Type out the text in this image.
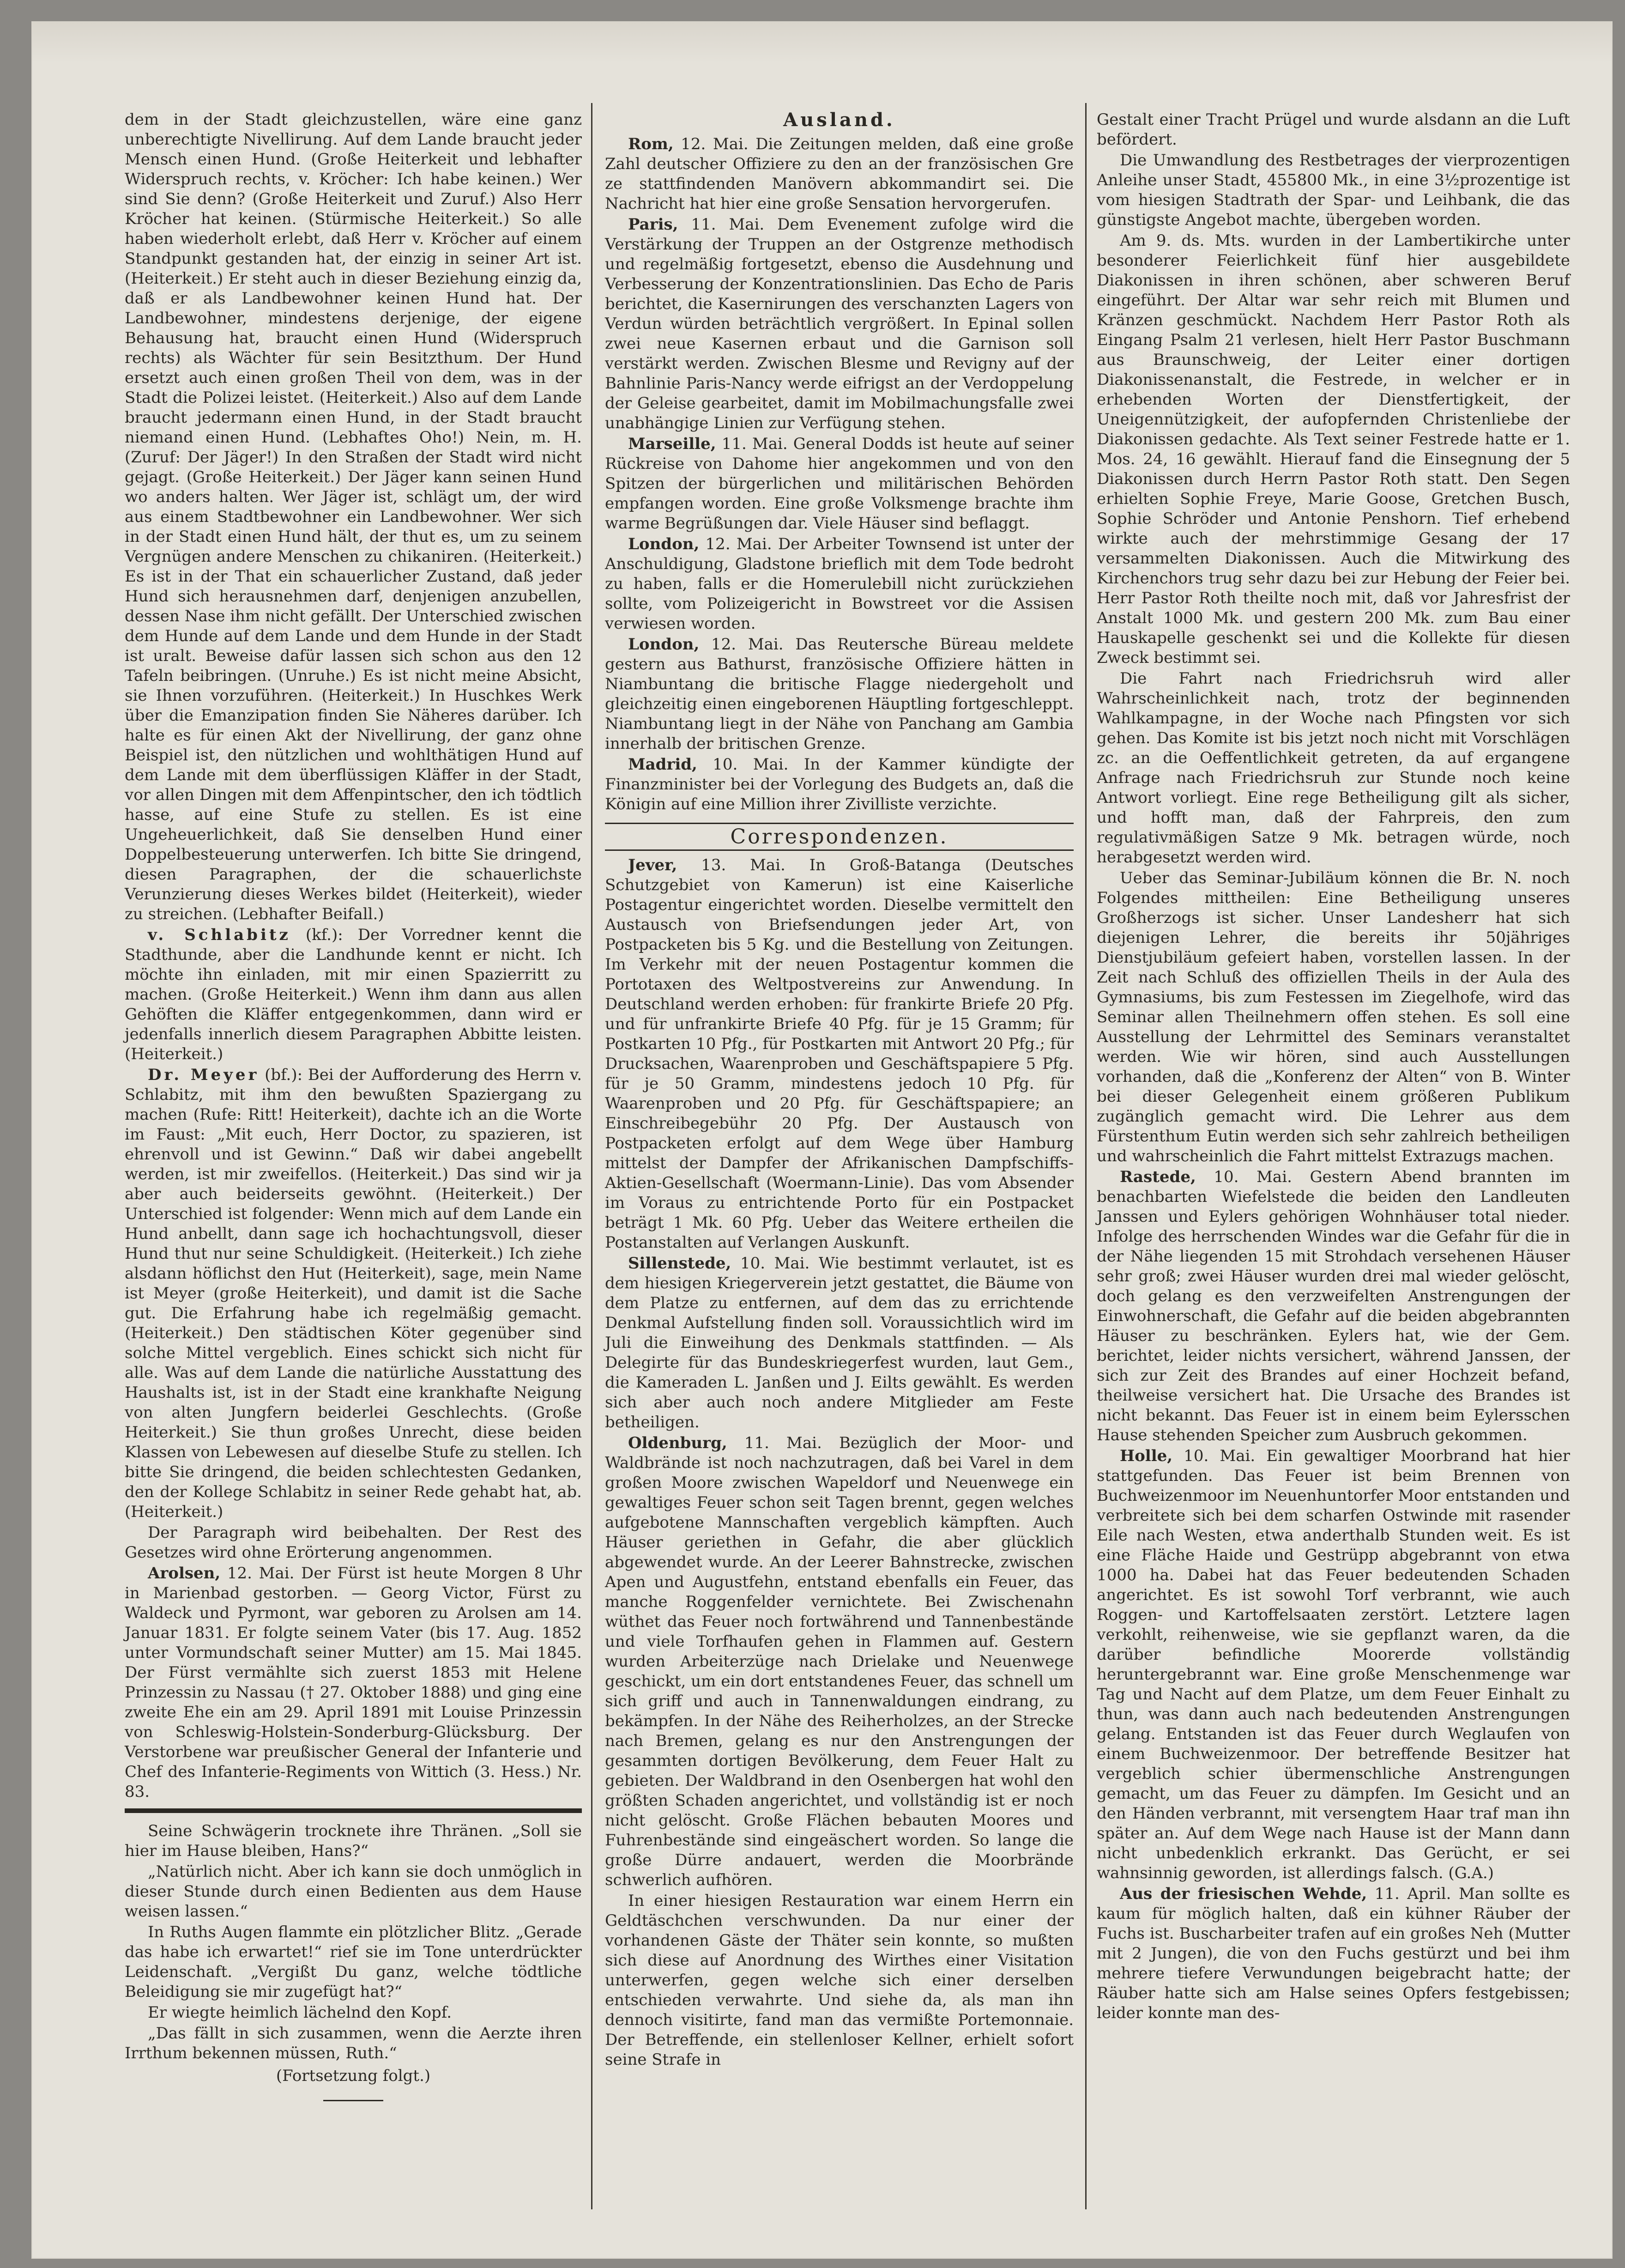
dem in der Stadt gleichzustellen, wäre eine ganz unberechtigte Nivellirung. Auf dem Lande braucht jeder Mensch einen Hund. (Große Heiterkeit und lebhafter Widerspruch rechts, v. Kröcher: Ich habe keinen.) Wer sind Sie denn? (Große Heiterkeit und Zuruf.) Also Herr Kröcher hat keinen. (Stürmische Heiterkeit.) So alle haben wiederholt erlebt, daß Herr v. Kröcher auf einem Standpunkt gestanden hat, der einzig in seiner Art ist. (Heiterkeit.) Er steht auch in dieser Beziehung einzig da, daß er als Landbewohner keinen Hund hat. Der Landbewohner, mindestens derjenige, der eigene Behausung hat, braucht einen Hund (Widerspruch rechts) als Wächter für sein Besitzthum. Der Hund ersetzt auch einen großen Theil von dem, was in der Stadt die Polizei leistet. (Heiterkeit.) Also auf dem Lande braucht jedermann einen Hund, in der Stadt braucht niemand einen Hund. (Lebhaftes Oho!) Nein, m. H. (Zuruf: Der Jäger!) In den Straßen der Stadt wird nicht gejagt. (Große Heiterkeit.) Der Jäger kann seinen Hund wo anders halten. Wer Jäger ist, schlägt um, der wird aus einem Stadtbewohner ein Landbewohner. Wer sich in der Stadt einen Hund hält, der thut es, um zu seinem Vergnügen andere Menschen zu chikaniren. (Heiterkeit.) Es ist in der That ein schauerlicher Zustand, daß jeder Hund sich herausnehmen darf, denjenigen anzubellen, dessen Nase ihm nicht gefällt. Der Unterschied zwischen dem Hunde auf dem Lande und dem Hunde in der Stadt ist uralt. Beweise dafür lassen sich schon aus den 12 Tafeln beibringen. (Unruhe.) Es ist nicht meine Absicht, sie Ihnen vorzuführen. (Heiterkeit.) In Huschkes Werk über die Emanzipation finden Sie Näheres darüber. Ich halte es für einen Akt der Nivellirung, der ganz ohne Beispiel ist, den nützlichen und wohlthätigen Hund auf dem Lande mit dem überflüssigen Kläffer in der Stadt, vor allen Dingen mit dem Affenpintscher, den ich tödtlich hasse, auf eine Stufe zu stellen. Es ist eine Ungeheuerlichkeit, daß Sie denselben Hund einer Doppelbesteuerung unterwerfen. Ich bitte Sie dringend, diesen Paragraphen, der die schauerlichste Verunzierung dieses Werkes bildet (Heiterkeit), wieder zu streichen. (Lebhafter Beifall.)

v. Schlabitz (kf.): Der Vorredner kennt die Stadthunde, aber die Landhunde kennt er nicht. Ich möchte ihn einladen, mit mir einen Spazierritt zu machen. (Große Heiterkeit.) Wenn ihm dann aus allen Gehöften die Kläffer entgegenkommen, dann wird er jedenfalls innerlich diesem Paragraphen Abbitte leisten. (Heiterkeit.)

Dr. Meyer (bf.): Bei der Aufforderung des Herrn v. Schlabitz, mit ihm den bewußten Spaziergang zu machen (Rufe: Ritt! Heiterkeit), dachte ich an die Worte im Faust: „Mit euch, Herr Doctor, zu spazieren, ist ehrenvoll und ist Gewinn.“ Daß wir dabei angebellt werden, ist mir zweifellos. (Heiterkeit.) Das sind wir ja aber auch beiderseits gewöhnt. (Heiterkeit.) Der Unterschied ist folgender: Wenn mich auf dem Lande ein Hund anbellt, dann sage ich hochachtungsvoll, dieser Hund thut nur seine Schuldigkeit. (Heiterkeit.) Ich ziehe alsdann höflichst den Hut (Heiterkeit), sage, mein Name ist Meyer (große Heiterkeit), und damit ist die Sache gut. Die Erfahrung habe ich regelmäßig gemacht. (Heiterkeit.) Den städtischen Köter gegenüber sind solche Mittel vergeblich. Eines schickt sich nicht für alle. Was auf dem Lande die natürliche Ausstattung des Haushalts ist, ist in der Stadt eine krankhafte Neigung von alten Jungfern beiderlei Geschlechts. (Große Heiterkeit.) Sie thun großes Unrecht, diese beiden Klassen von Lebewesen auf dieselbe Stufe zu stellen. Ich bitte Sie dringend, die beiden schlechtesten Gedanken, den der Kollege Schlabitz in seiner Rede gehabt hat, ab. (Heiterkeit.)

Der Paragraph wird beibehalten. Der Rest des Gesetzes wird ohne Erörterung angenommen.

Arolsen, 12. Mai. Der Fürst ist heute Morgen 8 Uhr in Marienbad gestorben. — Georg Victor, Fürst zu Waldeck und Pyrmont, war geboren zu Arolsen am 14. Januar 1831. Er folgte seinem Vater (bis 17. Aug. 1852 unter Vormundschaft seiner Mutter) am 15. Mai 1845. Der Fürst vermählte sich zuerst 1853 mit Helene Prinzessin zu Nassau († 27. Oktober 1888) und ging eine zweite Ehe ein am 29. April 1891 mit Louise Prinzessin von Schleswig-Holstein-Sonderburg-Glücksburg. Der Verstorbene war preußischer General der Infanterie und Chef des Infanterie-Regiments von Wittich (3. Hess.) Nr. 83.

Seine Schwägerin trocknete ihre Thränen. „Soll sie hier im Hause bleiben, Hans?“

„Natürlich nicht. Aber ich kann sie doch unmöglich in dieser Stunde durch einen Bedienten aus dem Hause weisen lassen.“

In Ruths Augen flammte ein plötzlicher Blitz. „Gerade das habe ich erwartet!“ rief sie im Tone unterdrückter Leidenschaft. „Vergißt Du ganz, welche tödtliche Beleidigung sie mir zugefügt hat?“

Er wiegte heimlich lächelnd den Kopf.

„Das fällt in sich zusammen, wenn die Aerzte ihren Irrthum bekennen müssen, Ruth.“

(Fortsetzung folgt.)
Ausland.

Rom, 12. Mai. Die Zeitungen melden, daß eine große Zahl deutscher Offiziere zu den an der französischen Gre ze stattfindenden Manövern abkommandirt sei. Die Nachricht hat hier eine große Sensation hervorgerufen.

Paris, 11. Mai. Dem Evenement zufolge wird die Verstärkung der Truppen an der Ostgrenze methodisch und regelmäßig fortgesetzt, ebenso die Ausdehnung und Verbesserung der Konzentrationslinien. Das Echo de Paris berichtet, die Kasernirungen des verschanzten Lagers von Verdun würden beträchtlich vergrößert. In Epinal sollen zwei neue Kasernen erbaut und die Garnison soll verstärkt werden. Zwischen Blesme und Revigny auf der Bahnlinie Paris-Nancy werde eifrigst an der Verdoppelung der Geleise gearbeitet, damit im Mobilmachungsfalle zwei unabhängige Linien zur Verfügung stehen.

Marseille, 11. Mai. General Dodds ist heute auf seiner Rückreise von Dahome hier angekommen und von den Spitzen der bürgerlichen und militärischen Behörden empfangen worden. Eine große Volksmenge brachte ihm warme Begrüßungen dar. Viele Häuser sind beflaggt.

London, 12. Mai. Der Arbeiter Townsend ist unter der Anschuldigung, Gladstone brieflich mit dem Tode bedroht zu haben, falls er die Homerulebill nicht zurückziehen sollte, vom Polizeigericht in Bowstreet vor die Assisen verwiesen worden.

London, 12. Mai. Das Reutersche Büreau meldete gestern aus Bathurst, französische Offiziere hätten in Niambuntang die britische Flagge niedergeholt und gleichzeitig einen eingeborenen Häuptling fortgeschleppt. Niambuntang liegt in der Nähe von Panchang am Gambia innerhalb der britischen Grenze.

Madrid, 10. Mai. In der Kammer kündigte der Finanzminister bei der Vorlegung des Budgets an, daß die Königin auf eine Million ihrer Zivilliste verzichte.

Correspondenzen.

Jever, 13. Mai. In Groß-Batanga (Deutsches Schutzgebiet von Kamerun) ist eine Kaiserliche Postagentur eingerichtet worden. Dieselbe vermittelt den Austausch von Briefsendungen jeder Art, von Postpacketen bis 5 Kg. und die Bestellung von Zeitungen. Im Verkehr mit der neuen Postagentur kommen die Portotaxen des Weltpostvereins zur Anwendung. In Deutschland werden erhoben: für frankirte Briefe 20 Pfg. und für unfrankirte Briefe 40 Pfg. für je 15 Gramm; für Postkarten 10 Pfg., für Postkarten mit Antwort 20 Pfg.; für Drucksachen, Waarenproben und Geschäftspapiere 5 Pfg. für je 50 Gramm, mindestens jedoch 10 Pfg. für Waarenproben und 20 Pfg. für Geschäftspapiere; an Einschreibegebühr 20 Pfg. Der Austausch von Postpacketen erfolgt auf dem Wege über Hamburg mittelst der Dampfer der Afrikanischen Dampfschiffs-Aktien-Gesellschaft (Woermann-Linie). Das vom Absender im Voraus zu entrichtende Porto für ein Postpacket beträgt 1 Mk. 60 Pfg. Ueber das Weitere ertheilen die Postanstalten auf Verlangen Auskunft.

Sillenstede, 10. Mai. Wie bestimmt verlautet, ist es dem hiesigen Kriegerverein jetzt gestattet, die Bäume von dem Platze zu entfernen, auf dem das zu errichtende Denkmal Aufstellung finden soll. Voraussichtlich wird im Juli die Einweihung des Denkmals stattfinden. — Als Delegirte für das Bundeskriegerfest wurden, laut Gem., die Kameraden L. Janßen und J. Eilts gewählt. Es werden sich aber auch noch andere Mitglieder am Feste betheiligen.

Oldenburg, 11. Mai. Bezüglich der Moor- und Waldbrände ist noch nachzutragen, daß bei Varel in dem großen Moore zwischen Wapeldorf und Neuenwege ein gewaltiges Feuer schon seit Tagen brennt, gegen welches aufgebotene Mannschaften vergeblich kämpften. Auch Häuser geriethen in Gefahr, die aber glücklich abgewendet wurde. An der Leerer Bahnstrecke, zwischen Apen und Augustfehn, entstand ebenfalls ein Feuer, das manche Roggenfelder vernichtete. Bei Zwischenahn wüthet das Feuer noch fortwährend und Tannenbestände und viele Torfhaufen gehen in Flammen auf. Gestern wurden Arbeiterzüge nach Drielake und Neuenwege geschickt, um ein dort entstandenes Feuer, das schnell um sich griff und auch in Tannenwaldungen eindrang, zu bekämpfen. In der Nähe des Reiherholzes, an der Strecke nach Bremen, gelang es nur den Anstrengungen der gesammten dortigen Bevölkerung, dem Feuer Halt zu gebieten. Der Waldbrand in den Osenbergen hat wohl den größten Schaden angerichtet, und vollständig ist er noch nicht gelöscht. Große Flächen bebauten Moores und Fuhrenbestände sind eingeäschert worden. So lange die große Dürre andauert, werden die Moorbrände schwerlich aufhören.

In einer hiesigen Restauration war einem Herrn ein Geldtäschchen verschwunden. Da nur einer der vorhandenen Gäste der Thäter sein konnte, so mußten sich diese auf Anordnung des Wirthes einer Visitation unterwerfen, gegen welche sich einer derselben entschieden verwahrte. Und siehe da, als man ihn dennoch visitirte, fand man das vermißte Portemonnaie. Der Betreffende, ein stellenloser Kellner, erhielt sofort seine Strafe in

Gestalt einer Tracht Prügel und wurde alsdann an die Luft befördert.

Die Umwandlung des Restbetrages der vierprozentigen Anleihe unser Stadt, 455800 Mk., in eine 3½prozentige ist vom hiesigen Stadtrath der Spar- und Leihbank, die das günstigste Angebot machte, übergeben worden.

Am 9. ds. Mts. wurden in der Lambertikirche unter besonderer Feierlichkeit fünf hier ausgebildete Diakonissen in ihren schönen, aber schweren Beruf eingeführt. Der Altar war sehr reich mit Blumen und Kränzen geschmückt. Nachdem Herr Pastor Roth als Eingang Psalm 21 verlesen, hielt Herr Pastor Buschmann aus Braunschweig, der Leiter einer dortigen Diakonissenanstalt, die Festrede, in welcher er in erhebenden Worten der Dienstfertigkeit, der Uneigennützigkeit, der aufopfernden Christenliebe der Diakonissen gedachte. Als Text seiner Festrede hatte er 1. Mos. 24, 16 gewählt. Hierauf fand die Einsegnung der 5 Diakonissen durch Herrn Pastor Roth statt. Den Segen erhielten Sophie Freye, Marie Goose, Gretchen Busch, Sophie Schröder und Antonie Penshorn. Tief erhebend wirkte auch der mehrstimmige Gesang der 17 versammelten Diakonissen. Auch die Mitwirkung des Kirchenchors trug sehr dazu bei zur Hebung der Feier bei. Herr Pastor Roth theilte noch mit, daß vor Jahresfrist der Anstalt 1000 Mk. und gestern 200 Mk. zum Bau einer Hauskapelle geschenkt sei und die Kollekte für diesen Zweck bestimmt sei.

Die Fahrt nach Friedrichsruh wird aller Wahrscheinlichkeit nach, trotz der beginnenden Wahlkampagne, in der Woche nach Pfingsten vor sich gehen. Das Komite ist bis jetzt noch nicht mit Vorschlägen zc. an die Oeffentlichkeit getreten, da auf ergangene Anfrage nach Friedrichsruh zur Stunde noch keine Antwort vorliegt. Eine rege Betheiligung gilt als sicher, und hofft man, daß der Fahrpreis, den zum regulativmäßigen Satze 9 Mk. betragen würde, noch herabgesetzt werden wird.

Ueber das Seminar-Jubiläum können die Br. N. noch Folgendes mittheilen: Eine Betheiligung unseres Großherzogs ist sicher. Unser Landesherr hat sich diejenigen Lehrer, die bereits ihr 50jähriges Dienstjubiläum gefeiert haben, vorstellen lassen. In der Zeit nach Schluß des offiziellen Theils in der Aula des Gymnasiums, bis zum Festessen im Ziegelhofe, wird das Seminar allen Theilnehmern offen stehen. Es soll eine Ausstellung der Lehrmittel des Seminars veranstaltet werden. Wie wir hören, sind auch Ausstellungen vorhanden, daß die „Konferenz der Alten“ von B. Winter bei dieser Gelegenheit einem größeren Publikum zugänglich gemacht wird. Die Lehrer aus dem Fürstenthum Eutin werden sich sehr zahlreich betheiligen und wahrscheinlich die Fahrt mittelst Extrazugs machen.

Rastede, 10. Mai. Gestern Abend brannten im benachbarten Wiefelstede die beiden den Landleuten Janssen und Eylers gehörigen Wohnhäuser total nieder. Infolge des herrschenden Windes war die Gefahr für die in der Nähe liegenden 15 mit Strohdach versehenen Häuser sehr groß; zwei Häuser wurden drei mal wieder gelöscht, doch gelang es den verzweifelten Anstrengungen der Einwohnerschaft, die Gefahr auf die beiden abgebrannten Häuser zu beschränken. Eylers hat, wie der Gem. berichtet, leider nichts versichert, während Janssen, der sich zur Zeit des Brandes auf einer Hochzeit befand, theilweise versichert hat. Die Ursache des Brandes ist nicht bekannt. Das Feuer ist in einem beim Eylersschen Hause stehenden Speicher zum Ausbruch gekommen.

Holle, 10. Mai. Ein gewaltiger Moorbrand hat hier stattgefunden. Das Feuer ist beim Brennen von Buchweizenmoor im Neuenhuntorfer Moor entstanden und verbreitete sich bei dem scharfen Ostwinde mit rasender Eile nach Westen, etwa anderthalb Stunden weit. Es ist eine Fläche Haide und Gestrüpp abgebrannt von etwa 1000 ha. Dabei hat das Feuer bedeutenden Schaden angerichtet. Es ist sowohl Torf verbrannt, wie auch Roggen- und Kartoffelsaaten zerstört. Letztere lagen verkohlt, reihenweise, wie sie gepflanzt waren, da die darüber befindliche Moorerde vollständig heruntergebrannt war. Eine große Menschenmenge war Tag und Nacht auf dem Platze, um dem Feuer Einhalt zu thun, was dann auch nach bedeutenden Anstrengungen gelang. Entstanden ist das Feuer durch Weglaufen von einem Buchweizenmoor. Der betreffende Besitzer hat vergeblich schier übermenschliche Anstrengungen gemacht, um das Feuer zu dämpfen. Im Gesicht und an den Händen verbrannt, mit versengtem Haar traf man ihn später an. Auf dem Wege nach Hause ist der Mann dann nicht unbedenklich erkrankt. Das Gerücht, er sei wahnsinnig geworden, ist allerdings falsch. (G.A.)

Aus der friesischen Wehde, 11. April. Man sollte es kaum für möglich halten, daß ein kühner Räuber der Fuchs ist. Buscharbeiter trafen auf ein großes Neh (Mutter mit 2 Jungen), die von den Fuchs gestürzt und bei ihm mehrere tiefere Verwundungen beigebracht hatte; der Räuber hatte sich am Halse seines Opfers festgebissen; leider konnte man des-
